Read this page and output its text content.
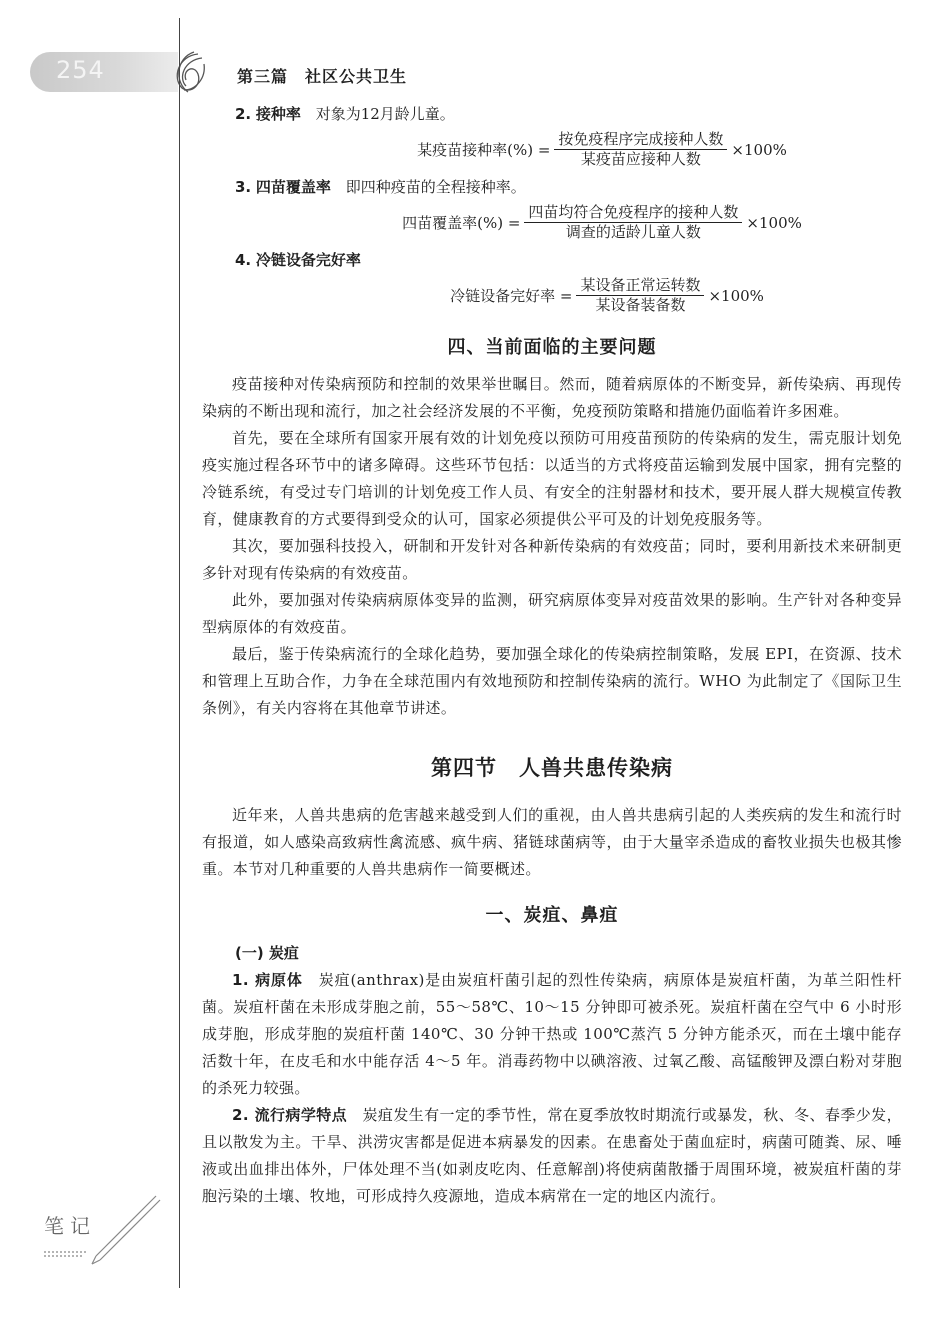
254	第三篇　社区公共卫生
2. 接种率 对象为12月龄儿童。
某疫苗接种率(%) = $\frac{\text{按免疫程序完成接种人数}}{\text{某疫苗应接种人数}} \times 100\%$
3. 四苗覆盖率 即四种疫苗的全程接种率。
四苗覆盖率(%) = $\frac{\text{四苗均符合免疫程序的接种人数}}{\text{调查的适龄儿童人数}} \times 100\%$
4. 冷链设备完好率
冷链设备完好率 = $\frac{\text{某设备正常运转数}}{\text{某设备装备数}} \times 100\%$
四、当前面临的主要问题

疫苗接种对传染病预防和控制的效果举世瞩目。然而，随着病原体的不断变异，新传染病、再现传染病的不断出现和流行，加之社会经济发展的不平衡，免疫预防策略和措施仍面临着许多困难。

首先，要在全球所有国家开展有效的计划免疫以预防可用疫苗预防的传染病的发生，需克服计划免疫实施过程各环节中的诸多障碍。这些环节包括：以适当的方式将疫苗运输到发展中国家，拥有完整的冷链系统，有受过专门培训的计划免疫工作人员、有安全的注射器材和技术，要开展人群大规模宣传教育，健康教育的方式要得到受众的认可，国家必须提供公平可及的计划免疫服务等。

其次，要加强科技投入，研制和开发针对各种新传染病的有效疫苗；同时，要利用新技术来研制更多针对现有传染病的有效疫苗。

此外，要加强对传染病病原体变异的监测，研究病原体变异对疫苗效果的影响。生产针对各种变异型病原体的有效疫苗。

最后，鉴于传染病流行的全球化趋势，要加强全球化的传染病控制策略，发展 EPI，在资源、技术和管理上互助合作，力争在全球范围内有效地预防和控制传染病的流行。WHO 为此制定了《国际卫生条例》，有关内容将在其他章节讲述。

第四节　人兽共患传染病

近年来，人兽共患病的危害越来越受到人们的重视，由人兽共患病引起的人类疾病的发生和流行时有报道，如人感染高致病性禽流感、疯牛病、猪链球菌病等，由于大量宰杀造成的畜牧业损失也极其惨重。本节对几种重要的人兽共患病作一简要概述。

一、炭疽、鼻疽
(一) 炭疽

1. 病原体　 炭疽(anthrax)是由炭疽杆菌引起的烈性传染病，病原体是炭疽杆菌，为革兰阳性杆菌。炭疽杆菌在未形成芽胞之前，55～58℃、10～15 分钟即可被杀死。炭疽杆菌在空气中 6 小时形成芽胞，形成芽胞的炭疽杆菌 140℃、30 分钟干热或 100℃蒸汽 5 分钟方能杀灭，而在土壤中能存活数十年，在皮毛和水中能存活 4～5 年。消毒药物中以碘溶液、过氧乙酸、高锰酸钾及漂白粉对芽胞的杀死力较强。

2. 流行病学特点　 炭疽发生有一定的季节性，常在夏季放牧时期流行或暴发，秋、冬、春季少发，且以散发为主。干旱、洪涝灾害都是促进本病暴发的因素。在患畜处于菌血症时，病菌可随粪、尿、唾液或出血排出体外，尸体处理不当(如剥皮吃肉、任意解剖)将使病菌散播于周围环境，被炭疽杆菌的芽胞污染的土壤、牧地，可形成持久疫源地，造成本病常在一定的地区内流行。

笔记
